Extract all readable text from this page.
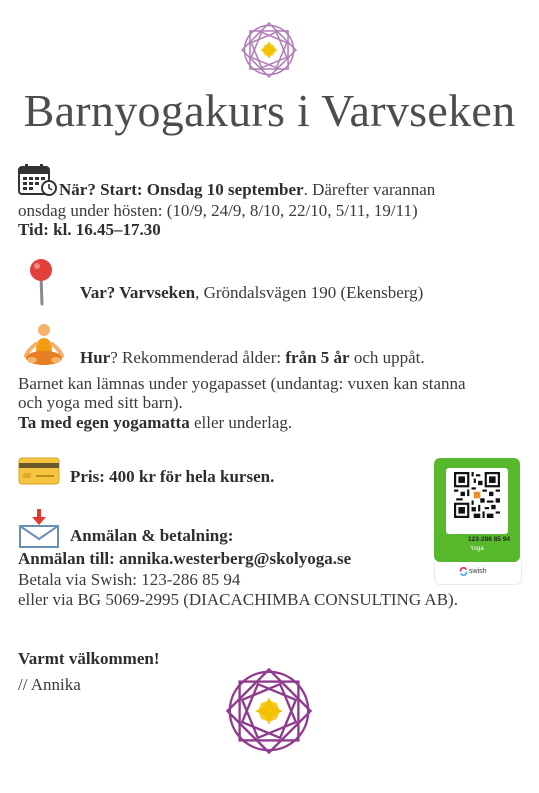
Barnyogakurs i Varvseken
När? Start: Onsdag 10 september. Därefter varannan
onsdag under hösten: (10/9, 24/9, 8/10, 22/10, 5/11, 19/11)
Tid: kl. 16.45–17.30
Var? Varvseken, Gröndalsvägen 190 (Ekensberg)
Hur? Rekommenderad ålder: från 5 år och uppåt.
Barnet kan lämnas under yogapasset (undantag: vuxen kan stanna
och yoga med sitt barn).
Ta med egen yogamatta eller underlag.
Pris: 400 kr för hela kursen.
Anmälan & betalning:
Anmälan till: annika.westerberg@skolyoga.se
Betala via Swish: 123-286 85 94
eller via BG 5069-2995 (DIACACHIMBA CONSULTING AB).
123-286 85 94
Yoga
swish
Varmt välkommen!
// Annika
